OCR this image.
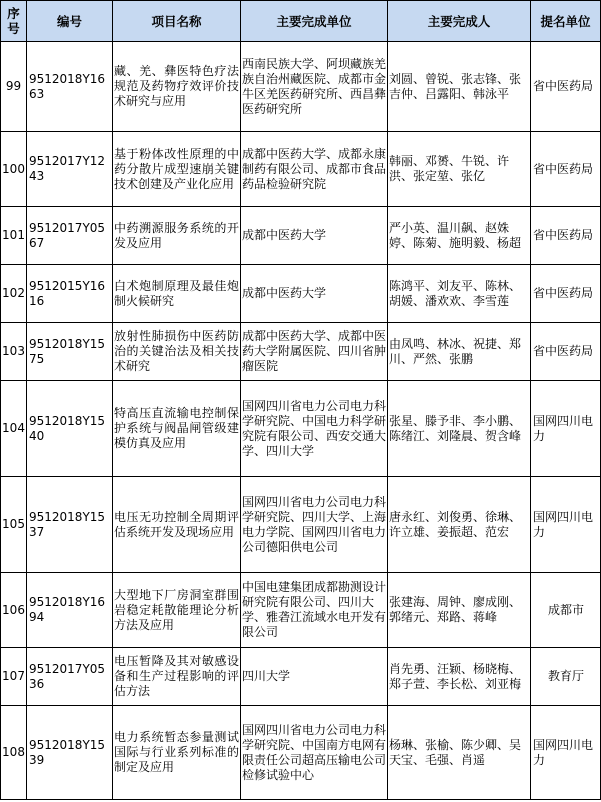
序号	编号	项目名称	主要完成单位	主要完成人	提名单位
99	9512018Y1663	藏、羌、彝医特色疗法规范及药物疗效评价技术研究与应用	西南民族大学、阿坝藏族羌族自治州藏医院、成都市金牛区羌医药研究所、西昌彝医药研究所	刘圆、曾锐、张志锋、张吉仲、吕露阳、韩泳平	省中医药局
100	9512017Y1243	基于粉体改性原理的中药分散片成型速崩关键技术创建及产业化应用	成都中医药大学、成都永康制药有限公司、成都市食品药品检验研究院	韩丽、邓赟、牛锐、许洪、张定堃、张亿	省中医药局
101	9512017Y0567	中药溯源服务系统的开发及应用	成都中医药大学	严小英、温川飙、赵姝婷、陈菊、施明毅、杨超	省中医药局
102	9512015Y1616	白术炮制原理及最佳炮制火候研究	成都中医药大学	陈鸿平、刘友平、陈林、胡媛、潘欢欢、李雪莲	省中医药局
103	9512018Y1575	放射性肺损伤中医药防治的关键治法及相关技术研究	成都中医药大学、成都中医药大学附属医院、四川省肿瘤医院	由凤鸣、林冰、祝捷、郑川、严然、张鹏	省中医药局
104	9512018Y1540	特高压直流输电控制保护系统与阀晶闸管级建模仿真及应用	国网四川省电力公司电力科学研究院、中国电力科学研究院有限公司、西安交通大学、四川大学	张星、滕予非、李小鹏、陈绪江、刘隆晨、贺含峰	国网四川电力
105	9512018Y1537	电压无功控制全周期评估系统开发及现场应用	国网四川省电力公司电力科学研究院、四川大学、上海电力学院、国网四川省电力公司德阳供电公司	唐永红、刘俊勇、徐琳、许立雄、姜振超、范宏	国网四川电力
106	9512018Y1694	大型地下厂房洞室群围岩稳定耗散能理论分析方法及应用	中国电建集团成都勘测设计研究院有限公司、四川大学、雅砻江流域水电开发有限公司	张建海、周钟、廖成刚、郭绪元、郑路、蒋峰	成都市
107	9512017Y0536	电压暂降及其对敏感设备和生产过程影响的评估方法	四川大学	肖先勇、汪颖、杨晓梅、郑子萱、李长松、刘亚梅	教育厅
108	9512018Y1539	电力系统暂态参量测试国际与行业系列标准的制定及应用	国网四川省电力公司电力科学研究院、中国南方电网有限责任公司超高压输电公司检修试验中心	杨琳、张榆、陈少卿、吴天宝、毛强、肖遥	国网四川电力
